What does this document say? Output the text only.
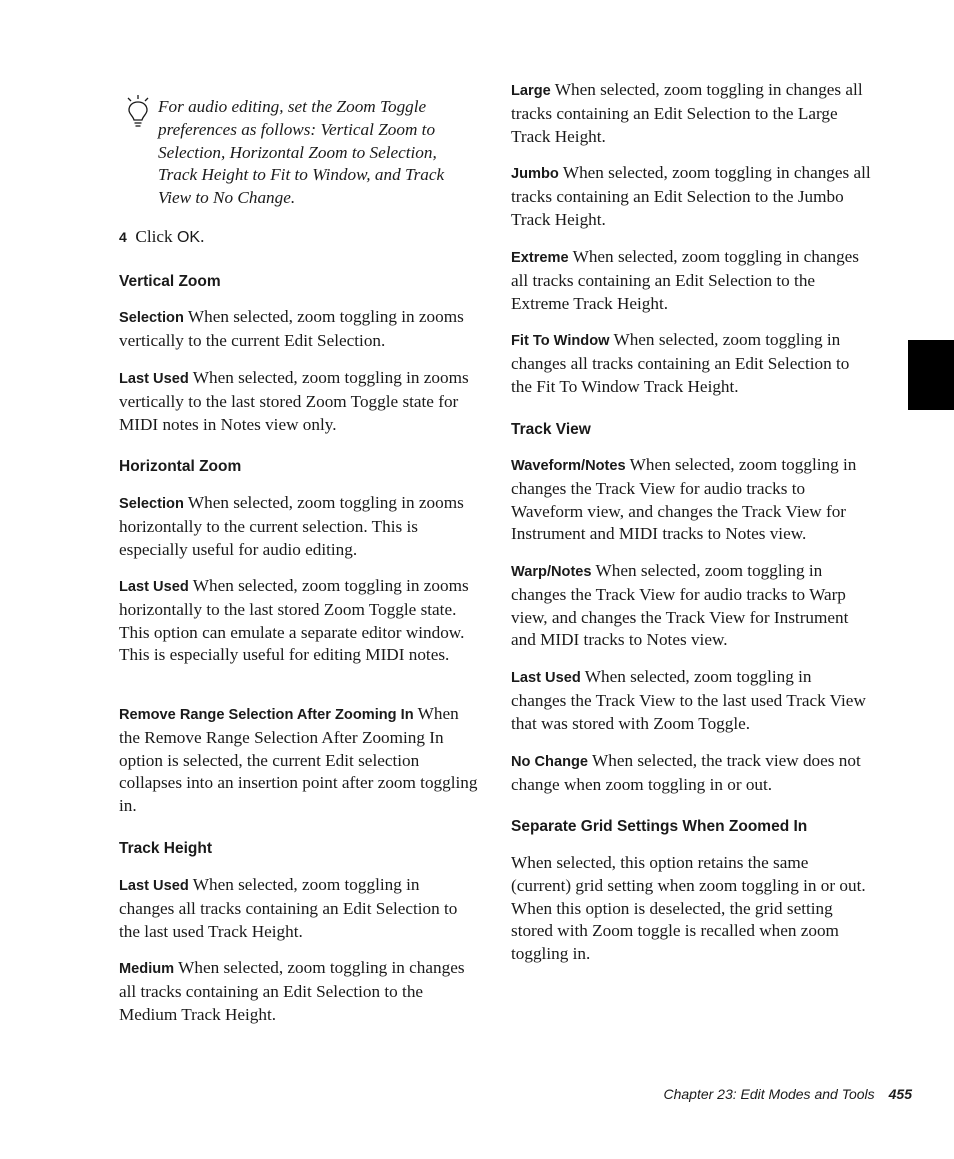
For audio editing, set the Zoom Toggle preferences as follows: Vertical Zoom to Selection, Horizontal Zoom to Selection, Track Height to Fit to Window, and Track View to No Change.

4 Click OK.

Vertical Zoom

Selection When selected, zoom toggling in zooms vertically to the current Edit Selection.

Last Used When selected, zoom toggling in zooms vertically to the last stored Zoom Toggle state for MIDI notes in Notes view only.

Horizontal Zoom

Selection When selected, zoom toggling in zooms horizontally to the current selection. This is especially useful for audio editing.

Last Used When selected, zoom toggling in zooms horizontally to the last stored Zoom Toggle state. This option can emulate a separate editor window. This is especially useful for editing MIDI notes.

Remove Range Selection After Zooming In When the Remove Range Selection After Zooming In option is selected, the current Edit selection collapses into an insertion point after zoom toggling in.

Track Height

Last Used When selected, zoom toggling in changes all tracks containing an Edit Selection to the last used Track Height.

Medium When selected, zoom toggling in changes all tracks containing an Edit Selection to the Medium Track Height.

Large When selected, zoom toggling in changes all tracks containing an Edit Selection to the Large Track Height.

Jumbo When selected, zoom toggling in changes all tracks containing an Edit Selection to the Jumbo Track Height.

Extreme When selected, zoom toggling in changes all tracks containing an Edit Selection to the Extreme Track Height.

Fit To Window When selected, zoom toggling in changes all tracks containing an Edit Selection to the Fit To Window Track Height.

Track View

Waveform/Notes When selected, zoom toggling in changes the Track View for audio tracks to Waveform view, and changes the Track View for Instrument and MIDI tracks to Notes view.

Warp/Notes When selected, zoom toggling in changes the Track View for audio tracks to Warp view, and changes the Track View for Instrument and MIDI tracks to Notes view.

Last Used When selected, zoom toggling in changes the Track View to the last used Track View that was stored with Zoom Toggle.

No Change When selected, the track view does not change when zoom toggling in or out.

Separate Grid Settings When Zoomed In

When selected, this option retains the same (current) grid setting when zoom toggling in or out. When this option is deselected, the grid setting stored with Zoom toggle is recalled when zoom toggling in.

Chapter 23: Edit Modes and Tools 455
